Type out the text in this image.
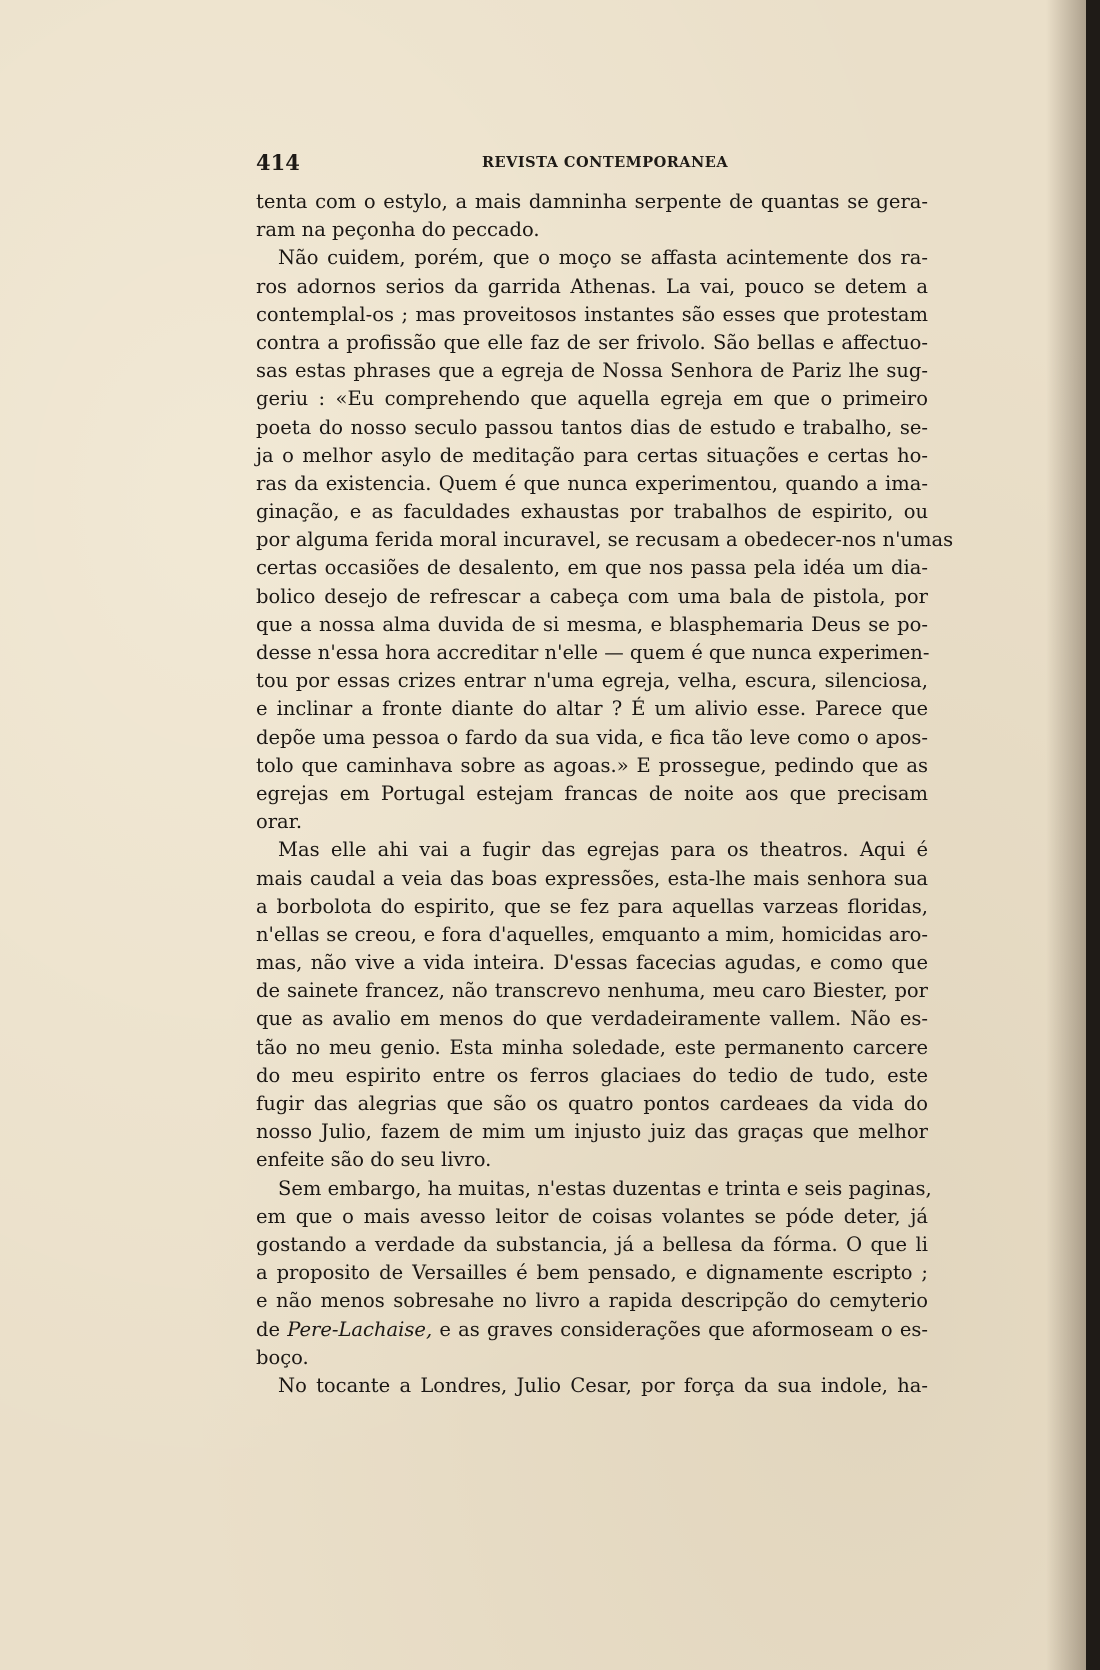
414	REVISTA CONTEMPORANEA
tenta com o estylo, a mais damninha serpente de quantas se gera-
ram na peçonha do peccado.
Não cuidem, porém, que o moço se affasta acintemente dos ra-
ros adornos serios da garrida Athenas. La vai, pouco se detem a
contemplal-os ; mas proveitosos instantes são esses que protestam
contra a profissão que elle faz de ser frivolo. São bellas e affectuo-
sas estas phrases que a egreja de Nossa Senhora de Pariz lhe sug-
geriu : «Eu comprehendo que aquella egreja em que o primeiro
poeta do nosso seculo passou tantos dias de estudo e trabalho, se-
ja o melhor asylo de meditação para certas situações e certas ho-
ras da existencia. Quem é que nunca experimentou, quando a ima-
ginação, e as faculdades exhaustas por trabalhos de espirito, ou
por alguma ferida moral incuravel, se recusam a obedecer-nos n'umas
certas occasiões de desalento, em que nos passa pela idéa um dia-
bolico desejo de refrescar a cabeça com uma bala de pistola, por
que a nossa alma duvida de si mesma, e blasphemaria Deus se po-
desse n'essa hora accreditar n'elle — quem é que nunca experimen-
tou por essas crizes entrar n'uma egreja, velha, escura, silenciosa,
e inclinar a fronte diante do altar ? É um alivio esse. Parece que
depõe uma pessoa o fardo da sua vida, e fica tão leve como o apos-
tolo que caminhava sobre as agoas.» E prossegue, pedindo que as
egrejas em Portugal estejam francas de noite aos que precisam
orar.
Mas elle ahi vai a fugir das egrejas para os theatros. Aqui é
mais caudal a veia das boas expressões, esta-lhe mais senhora sua
a borbolota do espirito, que se fez para aquellas varzeas floridas,
n'ellas se creou, e fora d'aquelles, emquanto a mim, homicidas aro-
mas, não vive a vida inteira. D'essas facecias agudas, e como que
de sainete francez, não transcrevo nenhuma, meu caro Biester, por
que as avalio em menos do que verdadeiramente vallem. Não es-
tão no meu genio. Esta minha soledade, este permanento carcere
do meu espirito entre os ferros glaciaes do tedio de tudo, este
fugir das alegrias que são os quatro pontos cardeaes da vida do
nosso Julio, fazem de mim um injusto juiz das graças que melhor
enfeite são do seu livro.
Sem embargo, ha muitas, n'estas duzentas e trinta e seis paginas,
em que o mais avesso leitor de coisas volantes se póde deter, já
gostando a verdade da substancia, já a bellesa da fórma. O que li
a proposito de Versailles é bem pensado, e dignamente escripto ;
e não menos sobresahe no livro a rapida descripção do cemyterio
de Pere-Lachaise, e as graves considerações que aformoseam o es-
boço.
No tocante a Londres, Julio Cesar, por força da sua indole, ha-
